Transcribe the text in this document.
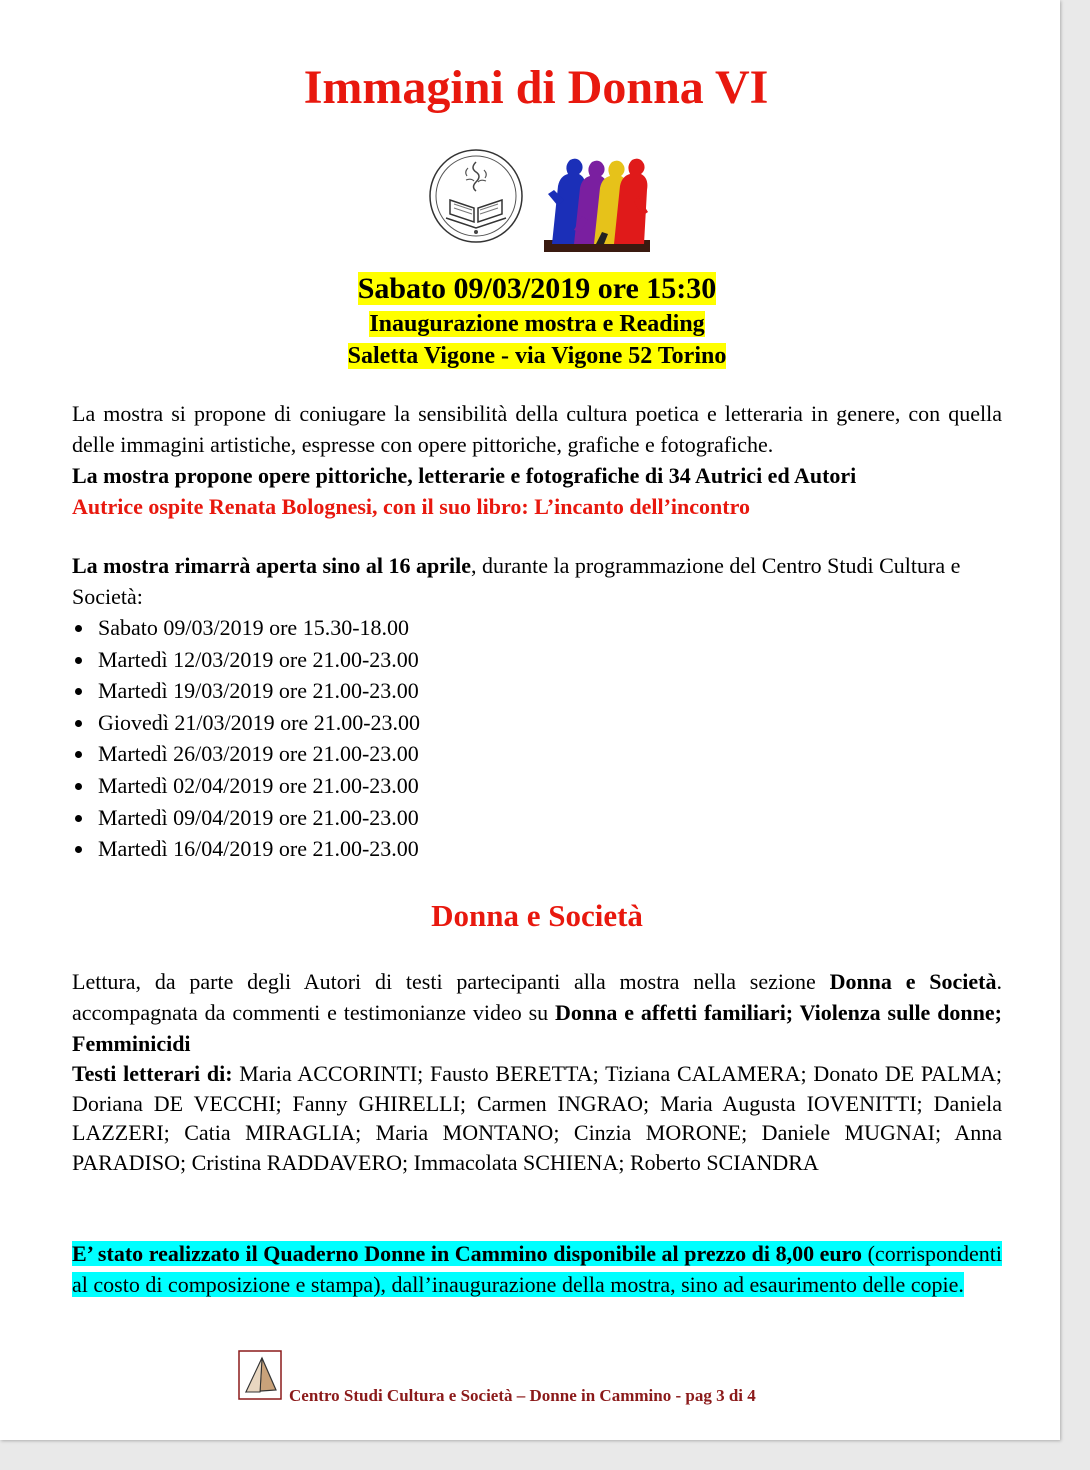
Immagini di Donna VI
Sabato 09/03/2019 ore 15:30
Inaugurazione mostra e Reading
Saletta Vigone - via Vigone 52 Torino
La mostra si propone di coniugare la sensibilità della cultura poetica e letteraria in genere, con quella delle immagini artistiche, espresse con opere pittoriche, grafiche e fotografiche.
La mostra propone opere pittoriche, letterarie e fotografiche di 34 Autrici ed Autori
Autrice ospite Renata Bolognesi, con il suo libro: L’incanto dell’incontro
La mostra rimarrà aperta sino al 16 aprile, durante la programmazione del Centro Studi Cultura e Società:
Sabato 09/03/2019 ore 15.30-18.00
Martedì 12/03/2019 ore 21.00-23.00
Martedì 19/03/2019 ore 21.00-23.00
Giovedì 21/03/2019 ore 21.00-23.00
Martedì 26/03/2019 ore 21.00-23.00
Martedì 02/04/2019 ore 21.00-23.00
Martedì 09/04/2019 ore 21.00-23.00
Martedì 16/04/2019 ore 21.00-23.00
Donna e Società
Lettura, da parte degli Autori di testi partecipanti alla mostra nella sezione Donna e Società. accompagnata da commenti e testimonianze video su Donna e affetti familiari; Violenza sulle donne; Femminicidi
Testi letterari di: Maria ACCORINTI; Fausto BERETTA; Tiziana CALAMERA; Donato DE PALMA; Doriana DE VECCHI; Fanny GHIRELLI; Carmen INGRAO; Maria Augusta IOVENITTI; Daniela LAZZERI; Catia MIRAGLIA; Maria MONTANO; Cinzia MORONE; Daniele MUGNAI; Anna PARADISO; Cristina RADDAVERO; Immacolata SCHIENA; Roberto SCIANDRA
E’ stato realizzato il Quaderno Donne in Cammino disponibile al prezzo di 8,00 euro (corrispondenti al costo di composizione e stampa), dall’inaugurazione della mostra, sino ad esaurimento delle copie.
Centro Studi Cultura e Società – Donne in Cammino - pag 3 di 4
